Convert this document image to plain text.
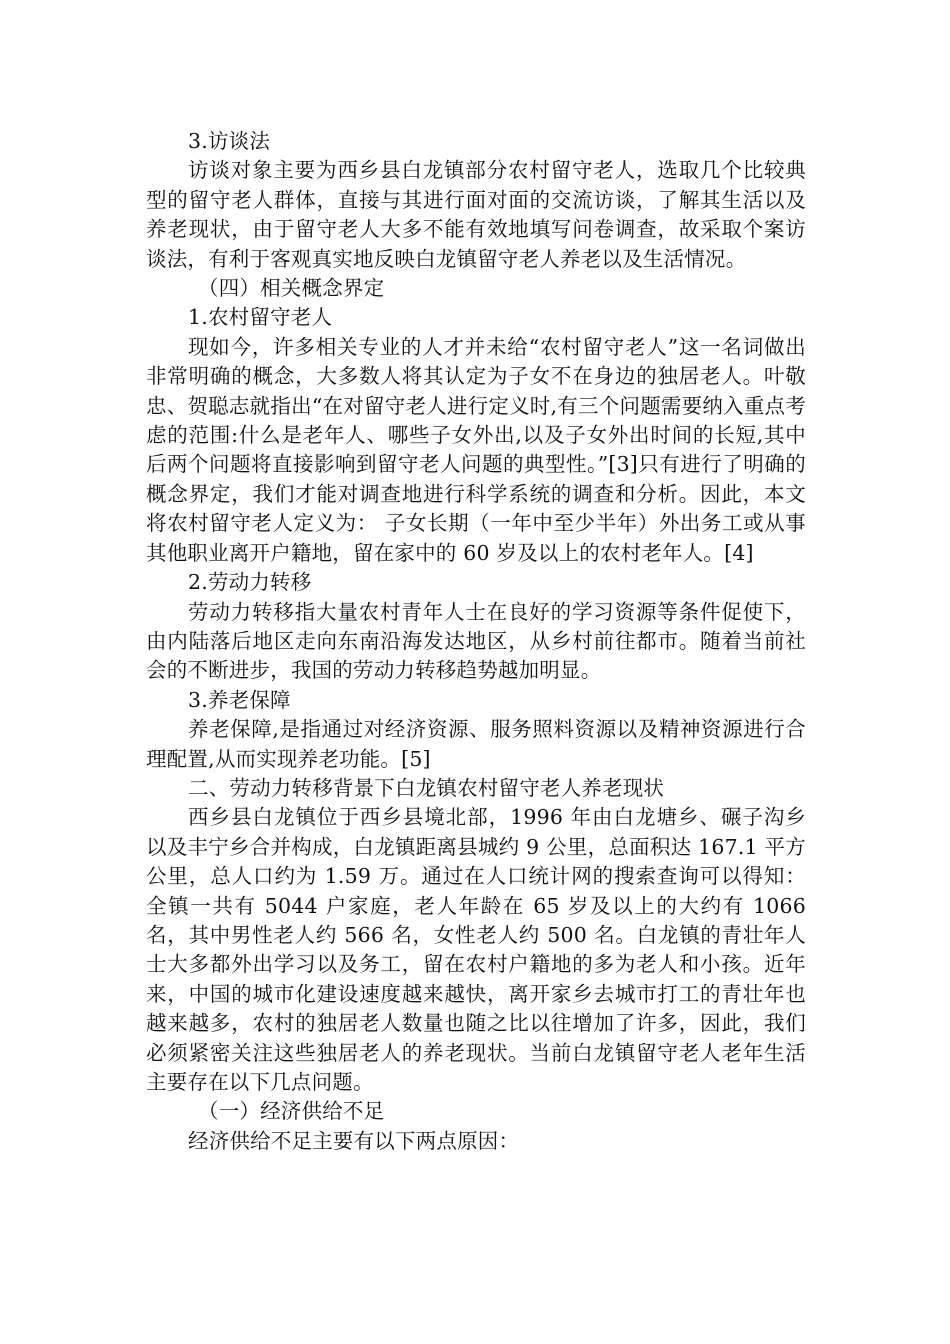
3.访谈法

访谈对象主要为西乡县白龙镇部分农村留守老人，选取几个比较典型的留守老人群体，直接与其进行面对面的交流访谈，了解其生活以及养老现状，由于留守老人大多不能有效地填写问卷调查，故采取个案访谈法，有利于客观真实地反映白龙镇留守老人养老以及生活情况。

（四）相关概念界定

1.农村留守老人

现如今，许多相关专业的人才并未给“农村留守老人”这一名词做出非常明确的概念，大多数人将其认定为子女不在身边的独居老人。叶敬忠、贺聪志就指出“在对留守老人进行定义时,有三个问题需要纳入重点考虑的范围:什么是老年人、哪些子女外出,以及子女外出时间的长短,其中后两个问题将直接影响到留守老人问题的典型性。”[3]只有进行了明确的概念界定，我们才能对调查地进行科学系统的调查和分析。因此，本文将农村留守老人定义为： 子女长期（一年中至少半年）外出务工或从事其他职业离开户籍地，留在家中的 60 岁及以上的农村老年人。[4]

2.劳动力转移

劳动力转移指大量农村青年人士在良好的学习资源等条件促使下，由内陆落后地区走向东南沿海发达地区，从乡村前往都市。随着当前社会的不断进步，我国的劳动力转移趋势越加明显。

3.养老保障

养老保障,是指通过对经济资源、服务照料资源以及精神资源进行合理配置,从而实现养老功能。[5]

二、劳动力转移背景下白龙镇农村留守老人养老现状

西乡县白龙镇位于西乡县境北部，1996 年由白龙塘乡、碾子沟乡以及丰宁乡合并构成，白龙镇距离县城约 9 公里，总面积达 167.1 平方公里，总人口约为 1.59 万。通过在人口统计网的搜索查询可以得知：全镇一共有 5044 户家庭，老人年龄在 65 岁及以上的大约有 1066 名，其中男性老人约 566 名，女性老人约 500 名。白龙镇的青壮年人士大多都外出学习以及务工，留在农村户籍地的多为老人和小孩。近年来，中国的城市化建设速度越来越快，离开家乡去城市打工的青壮年也越来越多，农村的独居老人数量也随之比以往增加了许多，因此，我们必须紧密关注这些独居老人的养老现状。当前白龙镇留守老人老年生活主要存在以下几点问题。

（一）经济供给不足

经济供给不足主要有以下两点原因：
